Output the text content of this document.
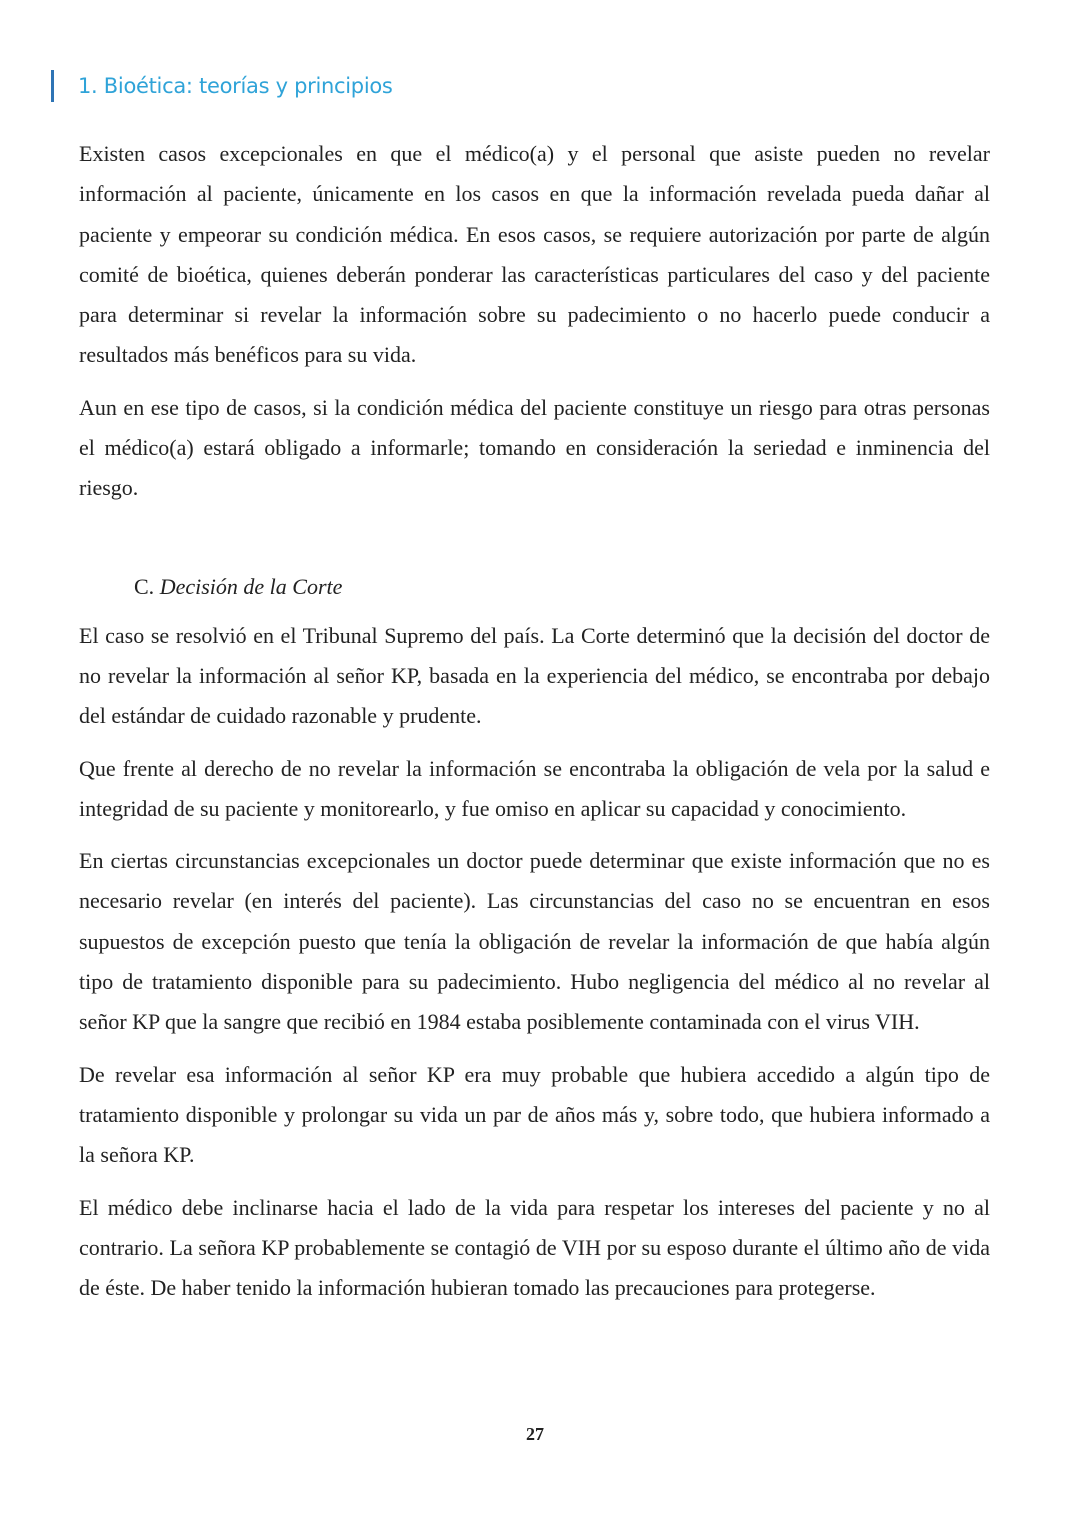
1. Bioética: teorías y principios

Existen casos excepcionales en que el médico(a) y el personal que asiste pueden no revelar información al paciente, únicamente en los casos en que la información revelada pueda dañar al paciente y empeorar su condición médica. En esos casos, se requiere autorización por parte de algún comité de bioética, quienes deberán ponderar las características particulares del caso y del paciente para determinar si revelar la información sobre su padecimiento o no hacerlo puede conducir a resultados más benéficos para su vida.

Aun en ese tipo de casos, si la condición médica del paciente constituye un riesgo para otras personas el médico(a) estará obligado a informarle; tomando en consideración la seriedad e inminencia del riesgo.

C. Decisión de la Corte

El caso se resolvió en el Tribunal Supremo del país. La Corte determinó que la decisión del doctor de no revelar la información al señor KP, basada en la experiencia del médico, se encontraba por debajo del estándar de cuidado razonable y prudente.

Que frente al derecho de no revelar la información se encontraba la obligación de vela por la salud e integridad de su paciente y monitorearlo, y fue omiso en aplicar su capacidad y conocimiento.

En ciertas circunstancias excepcionales un doctor puede determinar que existe información que no es necesario revelar (en interés del paciente). Las circunstancias del caso no se encuentran en esos supuestos de excepción puesto que tenía la obligación de revelar la información de que había algún tipo de tratamiento disponible para su padecimiento. Hubo negligencia del médico al no revelar al señor KP que la sangre que recibió en 1984 estaba posiblemente contaminada con el virus VIH.

De revelar esa información al señor KP era muy probable que hubiera accedido a algún tipo de tratamiento disponible y prolongar su vida un par de años más y, sobre todo, que hubiera informado a la señora KP.

El médico debe inclinarse hacia el lado de la vida para respetar los intereses del paciente y no al contrario. La señora KP probablemente se contagió de VIH por su esposo durante el último año de vida de éste. De haber tenido la información hubieran tomado las precauciones para protegerse.

27
